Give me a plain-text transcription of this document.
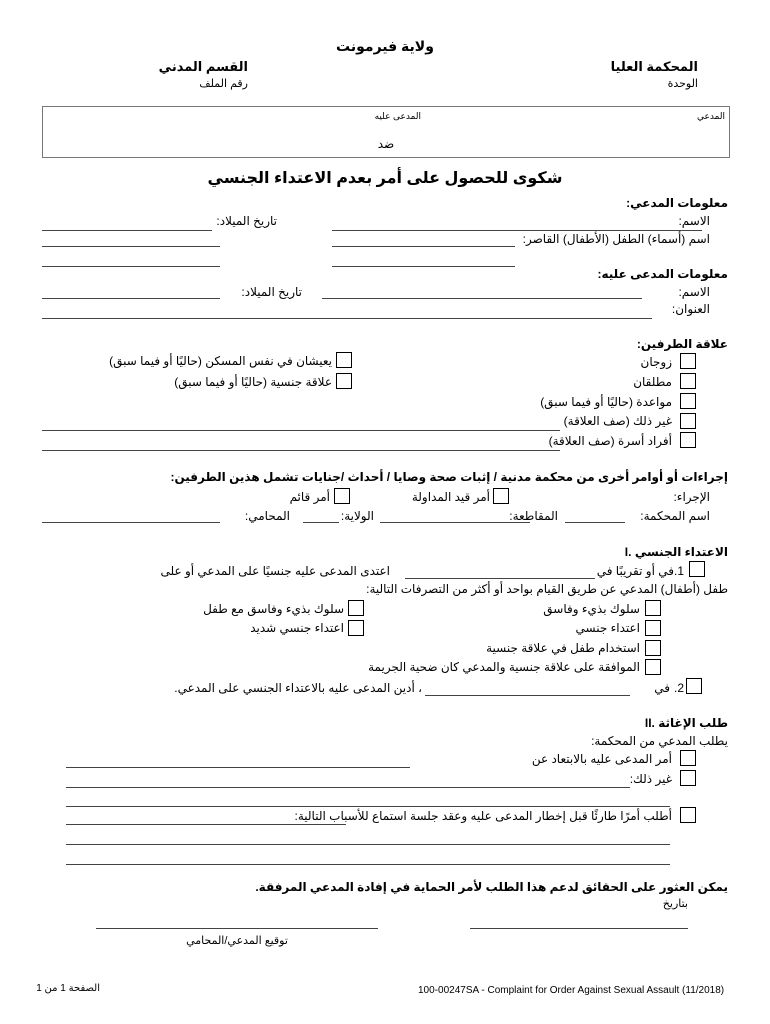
ولاية فيرمونت
المحكمة العليا
الوحدة
القسم المدني
رقم الملف
المدعي
المدعى عليه
ضد
شكوى للحصول على أمر بعدم الاعتداء الجنسي
معلومات المدعي:
الاسم:
تاريخ الميلاد:
اسم (أسماء) الطفل (الأطفال) القاصر:
معلومات المدعى عليه:
الاسم:
تاريخ الميلاد:
العنوان:
علاقة الطرفين:
زوجان
مطلقان
مواعدة (حاليًا أو فيما سبق)
غير ذلك (صف العلاقة)
أفراد أسرة (صف العلاقة)
يعيشان في نفس المسكن (حاليًا أو فيما سبق)
علاقة جنسية (حاليًا أو فيما سبق)
إجراءات أو أوامر أخرى من محكمة مدنية / إثبات صحة وصايا / أحداث /جنايات تشمل هذين الطرفين:
الإجراء:
أمر قيد المداولة
أمر قائم
اسم المحكمة:
المقاطعة:
الولاية:
المحامي:
I. الاعتداء الجنسي
.1
في أو تقريبًا في
اعتدى المدعى عليه جنسيًا على المدعي أو على
طفل (أطفال) المدعي عن طريق القيام بواحد أو أكثر من التصرفات التالية:
سلوك بذيء وفاسق
اعتداء جنسي
استخدام طفل في علاقة جنسية
الموافقة على علاقة جنسية والمدعي كان ضحية الجريمة
سلوك بذيء وفاسق مع طفل
اعتداء جنسي شديد
.2
في
، أدين المدعى عليه بالاعتداء الجنسي على المدعي.
II. طلب الإغاثة
يطلب المدعي من المحكمة:
أمر المدعى عليه بالابتعاد عن
غير ذلك:
أطلب أمرًا طارئًا قبل إخطار المدعى عليه وعقد جلسة استماع للأسباب التالية:
يمكن العثور على الحقائق لدعم هذا الطلب لأمر الحماية في إفادة المدعي المرفقة.
بتاريخ
توقيع المدعي/المحامي
100-00247SA - Complaint for Order Against Sexual Assault (11/2018)
الصفحة 1 من 1
